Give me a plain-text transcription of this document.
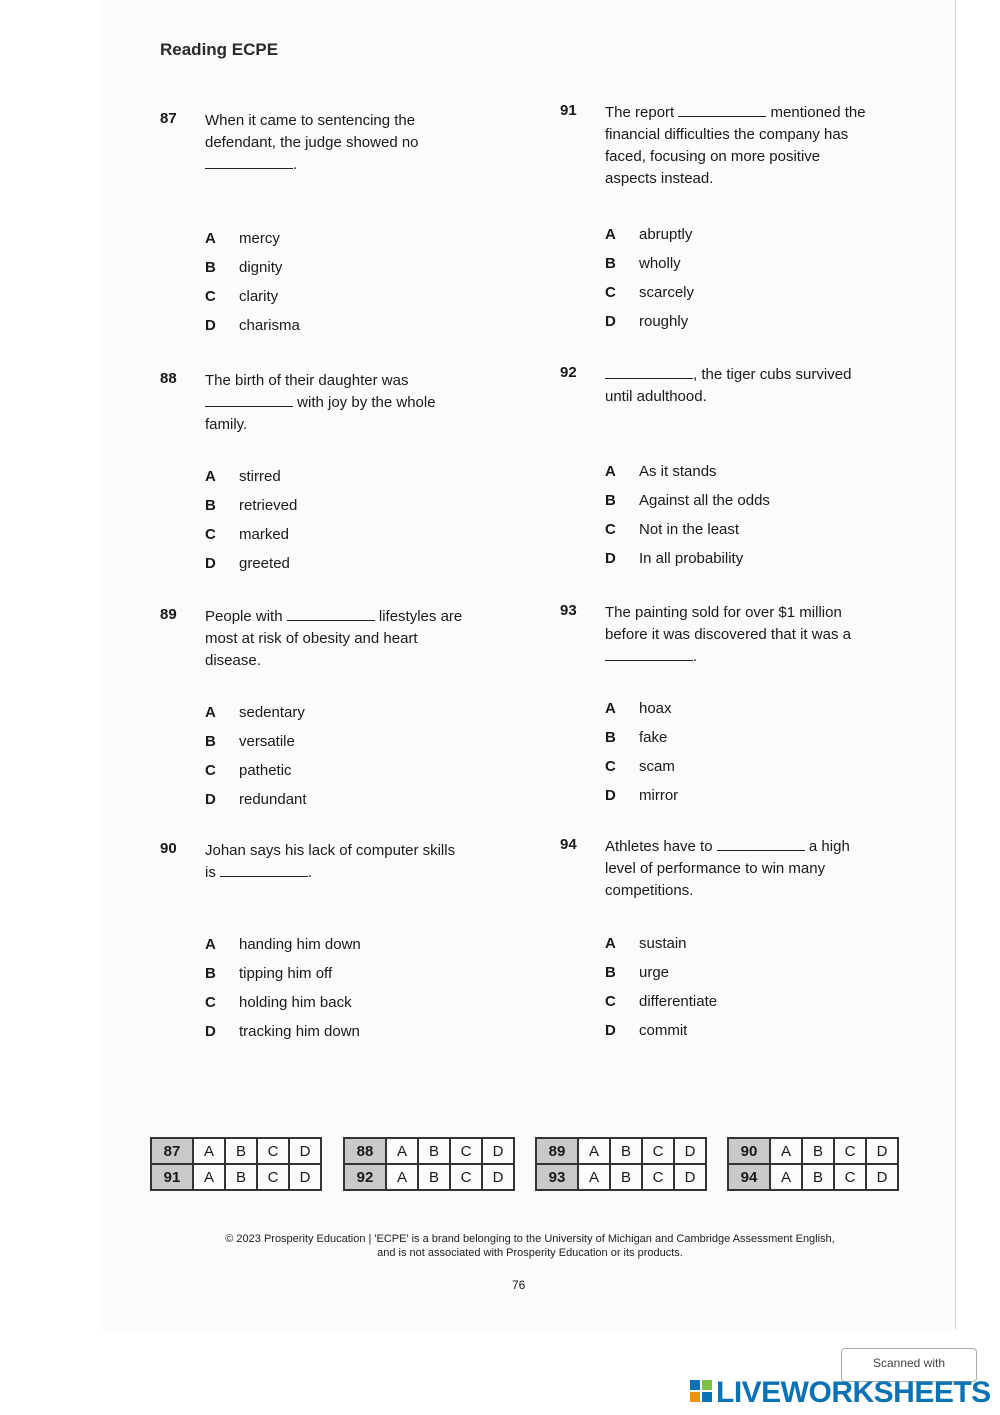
Reading ECPE
87 When it came to sentencing the defendant, the judge showed no .
A mercy
B dignity
C clarity
D charisma
88 The birth of their daughter was  with joy by the whole family.
A stirred
B retrieved
C marked
D greeted
89 People with	lifestyles are most at risk of obesity and heart disease.
A sedentary
B versatile
C pathetic
D redundant
90 Johan says his lack of computer skills is	.
A handing him down
B tipping him off
C holding him back
D tracking him down
91 The report	mentioned the financial difficulties the company has faced, focusing on more positive aspects instead.
A abruptly
B wholly
C scarcely
D roughly
92	, the tiger cubs survived until adulthood.
A As it stands
B Against all the odds
C Not in the least
D In all probability
93 The painting sold for over $1 million before it was discovered that it was a .
A hoax
B fake
C scam
D mirror
94 Athletes have to	a high level of performance to win many competitions.
A sustain
B urge
C differentiate
D commit
87	A	B	C	D
91	A	B	C	D
88	A	B	C	D
92	A	B	C	D
89	A	B	C	D
93	A	B	C	D
90	A	B	C	D
94	A	B	C	D
© 2023 Prosperity Education | 'ECPE' is a brand belonging to the University of Michigan and Cambridge Assessment English,
and is not associated with Prosperity Education or its products.
76
Scanned with
LIVEWORKSHEETS
